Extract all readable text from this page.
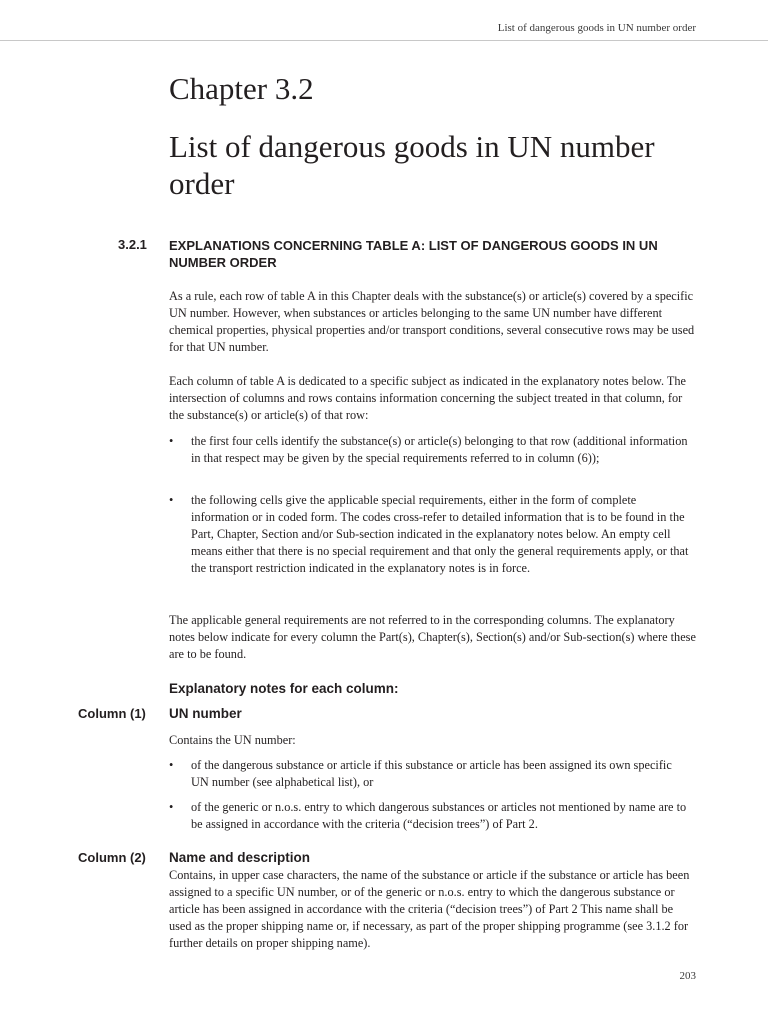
List of dangerous goods in UN number order
Chapter 3.2
List of dangerous goods in UN number order
3.2.1 EXPLANATIONS CONCERNING TABLE A: LIST OF DANGEROUS GOODS IN UN NUMBER ORDER

As a rule, each row of table A in this Chapter deals with the substance(s) or article(s) covered by a specific UN number. However, when substances or articles belonging to the same UN number have different chemical properties, physical properties and/or transport conditions, several consecutive rows may be used for that UN number.

Each column of table A is dedicated to a specific subject as indicated in the explanatory notes below. The intersection of columns and rows contains information concerning the subject treated in that column, for the substance(s) or article(s) of that row:

•	the first four cells identify the substance(s) or article(s) belonging to that row (additional information in that respect may be given by the special requirements referred to in column (6));
•	the following cells give the applicable special requirements, either in the form of complete information or in coded form. The codes cross-refer to detailed information that is to be found in the Part, Chapter, Section and/or Sub-section indicated in the explanatory notes below. An empty cell means either that there is no special requirement and that only the general requirements apply, or that the transport restriction indicated in the explanatory notes is in force.

The applicable general requirements are not referred to in the corresponding columns. The explanatory notes below indicate for every column the Part(s), Chapter(s), Section(s) and/or Sub-section(s) where these are to be found.

Explanatory notes for each column:
Column (1) UN number

Contains the UN number:

•	of the dangerous substance or article if this substance or article has been assigned its own specific UN number (see alphabetical list), or
•	of the generic or n.o.s. entry to which dangerous substances or articles not mentioned by name are to be assigned in accordance with the criteria (“decision trees”) of Part 2.
Column (2) Name and description

Contains, in upper case characters, the name of the substance or article if the substance or article has been assigned to a specific UN number, or of the generic or n.o.s. entry to which the dangerous substance or article has been assigned in accordance with the criteria (“decision trees”) of Part 2 This name shall be used as the proper shipping name or, if necessary, as part of the proper shipping programme (see 3.1.2 for further details on proper shipping name).

203
